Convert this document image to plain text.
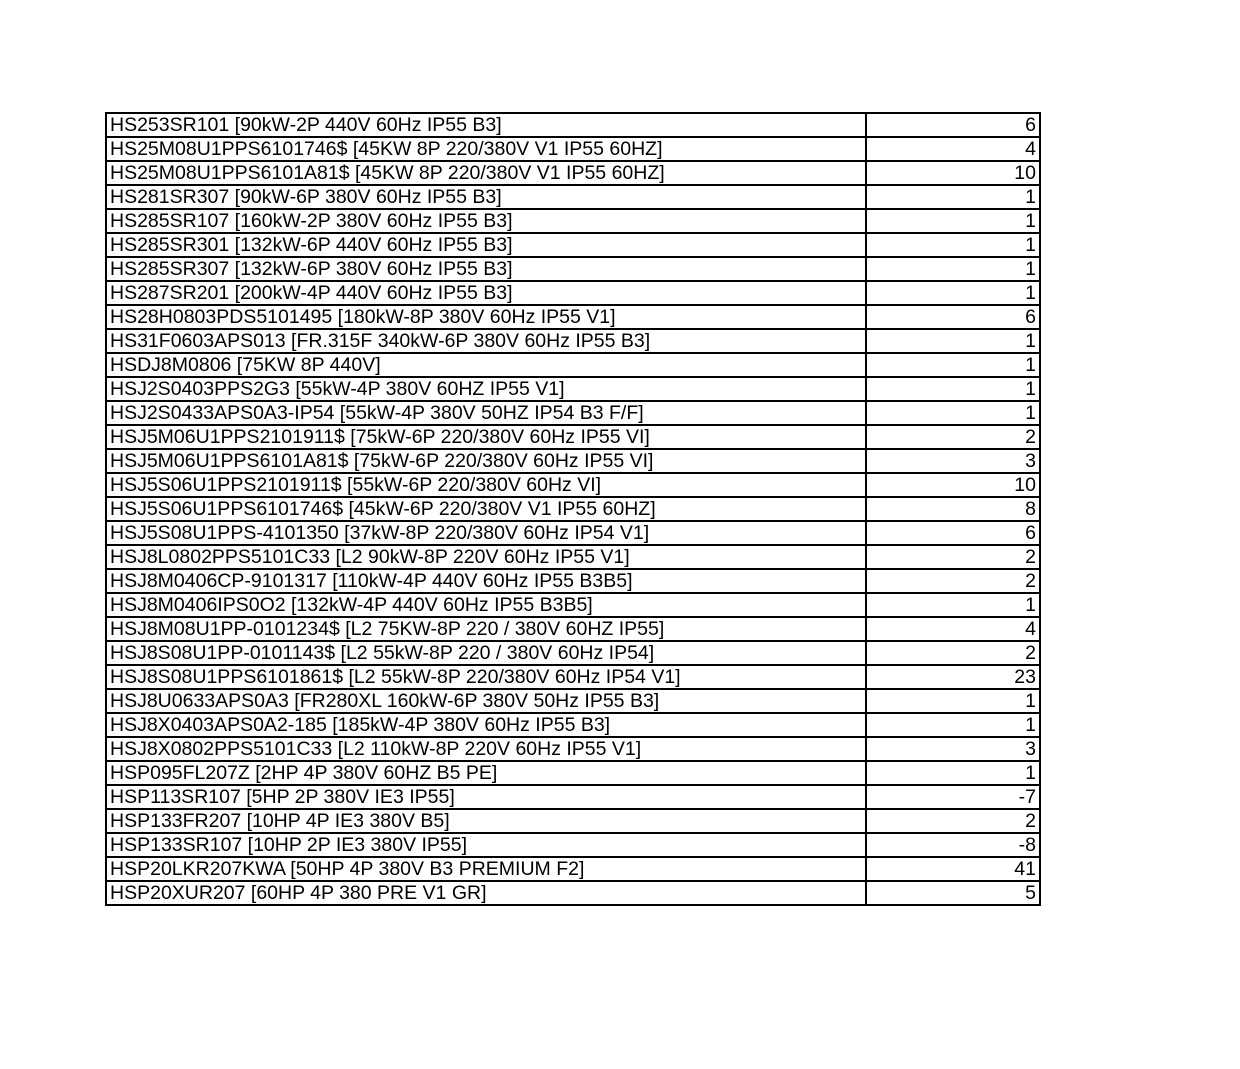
HS253SR101 [90kW-2P 440V 60Hz IP55 B3]	6
HS25M08U1PPS6101746$ [45KW 8P 220/380V V1 IP55 60HZ]	4
HS25M08U1PPS6101A81$ [45KW 8P 220/380V V1 IP55 60HZ]	10
HS281SR307 [90kW-6P 380V 60Hz IP55 B3]	1
HS285SR107 [160kW-2P 380V 60Hz IP55 B3]	1
HS285SR301 [132kW-6P 440V 60Hz IP55 B3]	1
HS285SR307 [132kW-6P 380V 60Hz IP55 B3]	1
HS287SR201 [200kW-4P 440V 60Hz IP55 B3]	1
HS28H0803PDS5101495 [180kW-8P 380V 60Hz IP55 V1]	6
HS31F0603APS013 [FR.315F 340kW-6P 380V 60Hz IP55 B3]	1
HSDJ8M0806 [75KW 8P 440V]	1
HSJ2S0403PPS2G3 [55kW-4P 380V 60HZ IP55 V1]	1
HSJ2S0433APS0A3-IP54 [55kW-4P 380V 50HZ IP54 B3 F/F]	1
HSJ5M06U1PPS2101911$ [75kW-6P 220/380V 60Hz IP55 VI]	2
HSJ5M06U1PPS6101A81$ [75kW-6P 220/380V 60Hz IP55 VI]	3
HSJ5S06U1PPS2101911$ [55kW-6P 220/380V 60Hz VI]	10
HSJ5S06U1PPS6101746$ [45kW-6P 220/380V V1 IP55 60HZ]	8
HSJ5S08U1PPS-4101350 [37kW-8P 220/380V 60Hz IP54 V1]	6
HSJ8L0802PPS5101C33 [L2 90kW-8P 220V 60Hz IP55 V1]	2
HSJ8M0406CP-9101317 [110kW-4P 440V 60Hz IP55 B3B5]	2
HSJ8M0406IPS0O2 [132kW-4P 440V 60Hz IP55 B3B5]	1
HSJ8M08U1PP-0101234$ [L2 75KW-8P 220 / 380V 60HZ IP55]	4
HSJ8S08U1PP-0101143$ [L2 55kW-8P 220 / 380V 60Hz IP54]	2
HSJ8S08U1PPS6101861$ [L2 55kW-8P 220/380V 60Hz IP54 V1]	23
HSJ8U0633APS0A3 [FR280XL 160kW-6P 380V 50Hz IP55 B3]	1
HSJ8X0403APS0A2-185 [185kW-4P 380V 60Hz IP55 B3]	1
HSJ8X0802PPS5101C33 [L2 110kW-8P 220V 60Hz IP55 V1]	3
HSP095FL207Z [2HP 4P 380V 60HZ B5 PE]	1
HSP113SR107 [5HP 2P 380V IE3 IP55]	-7
HSP133FR207 [10HP 4P IE3 380V B5]	2
HSP133SR107 [10HP 2P IE3 380V IP55]	-8
HSP20LKR207KWA [50HP 4P 380V B3 PREMIUM F2]	41
HSP20XUR207 [60HP 4P 380 PRE V1 GR]	5
